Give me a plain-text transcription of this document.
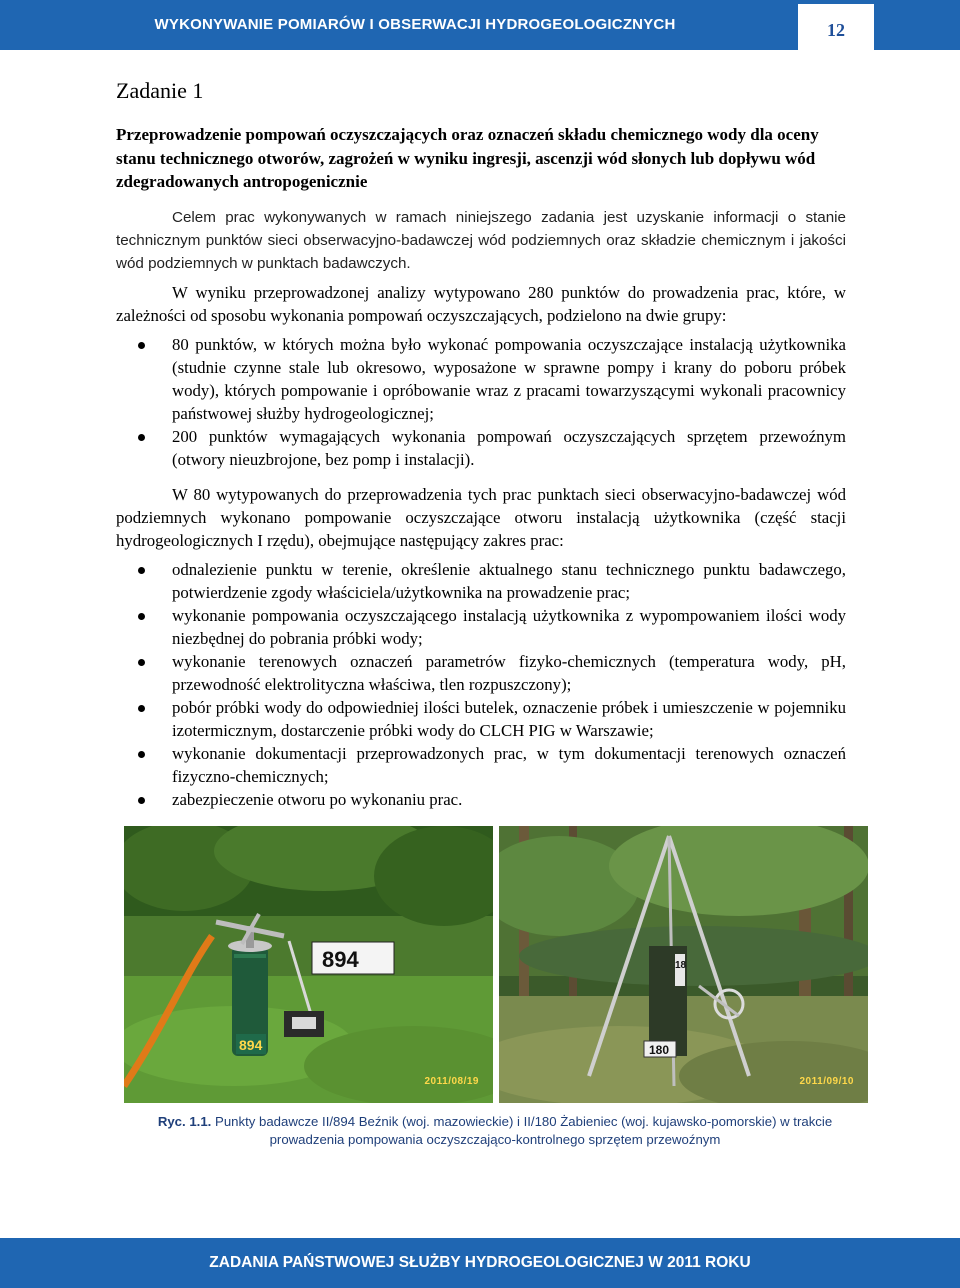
WYKONYWANIE POMIARÓW I OBSERWACJI HYDROGEOLOGICZNYCH	12
Zadanie 1
Przeprowadzenie pompowań oczyszczających oraz oznaczeń składu chemicznego wody dla oceny stanu technicznego otworów, zagrożeń w wyniku ingresji, ascenzji wód słonych lub dopływu wód zdegradowanych antropogenicznie

Celem prac wykonywanych w ramach niniejszego zadania jest uzyskanie informacji o stanie technicznym punktów sieci obserwacyjno-badawczej wód podziemnych oraz składzie chemicznym i jakości wód podziemnych w punktach badawczych.

W wyniku przeprowadzonej analizy wytypowano 280 punktów do prowadzenia prac, które, w zależności od sposobu wykonania pompowań oczyszczających, podzielono na dwie grupy:

80 punktów, w których można było wykonać pompowania oczyszczające instalacją użytkownika (studnie czynne stale lub okresowo, wyposażone w sprawne pompy i krany do poboru próbek wody), których pompowanie i opróbowanie wraz z pracami towarzyszącymi wykonali pracownicy państwowej służby hydrogeologicznej;
200 punktów wymagających wykonania pompowań oczyszczających sprzętem przewoźnym (otwory nieuzbrojone, bez pomp i instalacji).

W 80 wytypowanych do przeprowadzenia tych prac punktach sieci obserwacyjno-badawczej wód podziemnych wykonano pompowanie oczyszczające otworu instalacją użytkownika (część stacji hydrogeologicznych I rzędu), obejmujące następujący zakres prac:

odnalezienie punktu w terenie, określenie aktualnego stanu technicznego punktu badawczego, potwierdzenie zgody właściciela/użytkownika na prowadzenie prac;
wykonanie pompowania oczyszczającego instalacją użytkownika z wypompowaniem ilości wody niezbędnej do pobrania próbki wody;
wykonanie terenowych oznaczeń parametrów fizyko-chemicznych (temperatura wody, pH, przewodność elektrolityczna właściwa, tlen rozpuszczony);
pobór próbki wody do odpowiedniej ilości butelek, oznaczenie próbek i umieszczenie w pojemniku izotermicznym, dostarczenie próbki wody do CLCH PIG w Warszawie;
wykonanie dokumentacji przeprowadzonych prac, w tym dokumentacji terenowych oznaczeń fizyczno-chemicznych;
zabezpieczenie otworu po wykonaniu prac.
894
894
2011/08/19
18
180
2011/09/10
Ryc. 1.1. Punkty badawcze II/894 Beźnik (woj. mazowieckie) i II/180 Żabieniec (woj. kujawsko-pomorskie) w trakcie prowadzenia pompowania oczyszczająco-kontrolnego sprzętem przewoźnym
ZADANIA PAŃSTWOWEJ SŁUŻBY HYDROGEOLOGICZNEJ W 2011 ROKU
